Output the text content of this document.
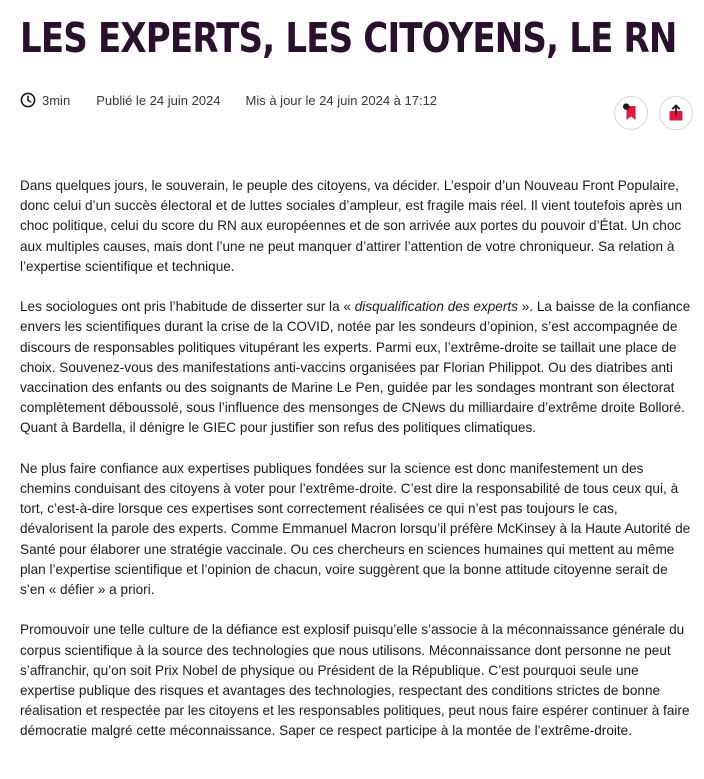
LES EXPERTS, LES CITOYENS, LE RN
3min Publié le 24 juin 2024 Mis à jour le 24 juin 2024 à 17:12

Dans quelques jours, le souverain, le peuple des citoyens, va décider. L’espoir d’un Nouveau Front Populaire, donc celui d’un succès électoral et de luttes sociales d’ampleur, est fragile mais réel. Il vient toutefois après un choc politique, celui du score du RN aux européennes et de son arrivée aux portes du pouvoir d’État. Un choc aux multiples causes, mais dont l’une ne peut manquer d’attirer l’attention de votre chroniqueur. Sa relation à l’expertise scientifique et technique.

Les sociologues ont pris l’habitude de disserter sur la « disqualification des experts ». La baisse de la confiance envers les scientifiques durant la crise de la COVID, notée par les sondeurs d’opinion, s’est accompagnée de discours de responsables politiques vitupérant les experts. Parmi eux, l’extrême-droite se taillait une place de choix. Souvenez-vous des manifestations anti-vaccins organisées par Florian Philippot. Ou des diatribes anti vaccination des enfants ou des soignants de Marine Le Pen, guidée par les sondages montrant son électorat complètement déboussolé, sous l’influence des mensonges de CNews du milliardaire d’extrême droite Bolloré. Quant à Bardella, il dénigre le GIEC pour justifier son refus des politiques climatiques.

Ne plus faire confiance aux expertises publiques fondées sur la science est donc manifestement un des chemins conduisant des citoyens à voter pour l’extrême-droite. C’est dire la responsabilité de tous ceux qui, à tort, c’est-à-dire lorsque ces expertises sont correctement réalisées ce qui n’est pas toujours le cas, dévalorisent la parole des experts. Comme Emmanuel Macron lorsqu’il préfère McKinsey à la Haute Autorité de Santé pour élaborer une stratégie vaccinale. Ou ces chercheurs en sciences humaines qui mettent au même plan l’expertise scientifique et l’opinion de chacun, voire suggèrent que la bonne attitude citoyenne serait de s’en « défier » a priori.

Promouvoir une telle culture de la défiance est explosif puisqu’elle s’associe à la méconnaissance générale du corpus scientifique à la source des technologies que nous utilisons. Méconnaissance dont personne ne peut s’affranchir, qu’on soit Prix Nobel de physique ou Président de la République. C’est pourquoi seule une expertise publique des risques et avantages des technologies, respectant des conditions strictes de bonne réalisation et respectée par les citoyens et les responsables politiques, peut nous faire espérer continuer à faire démocratie malgré cette méconnaissance. Saper ce respect participe à la montée de l’extrême-droite.
